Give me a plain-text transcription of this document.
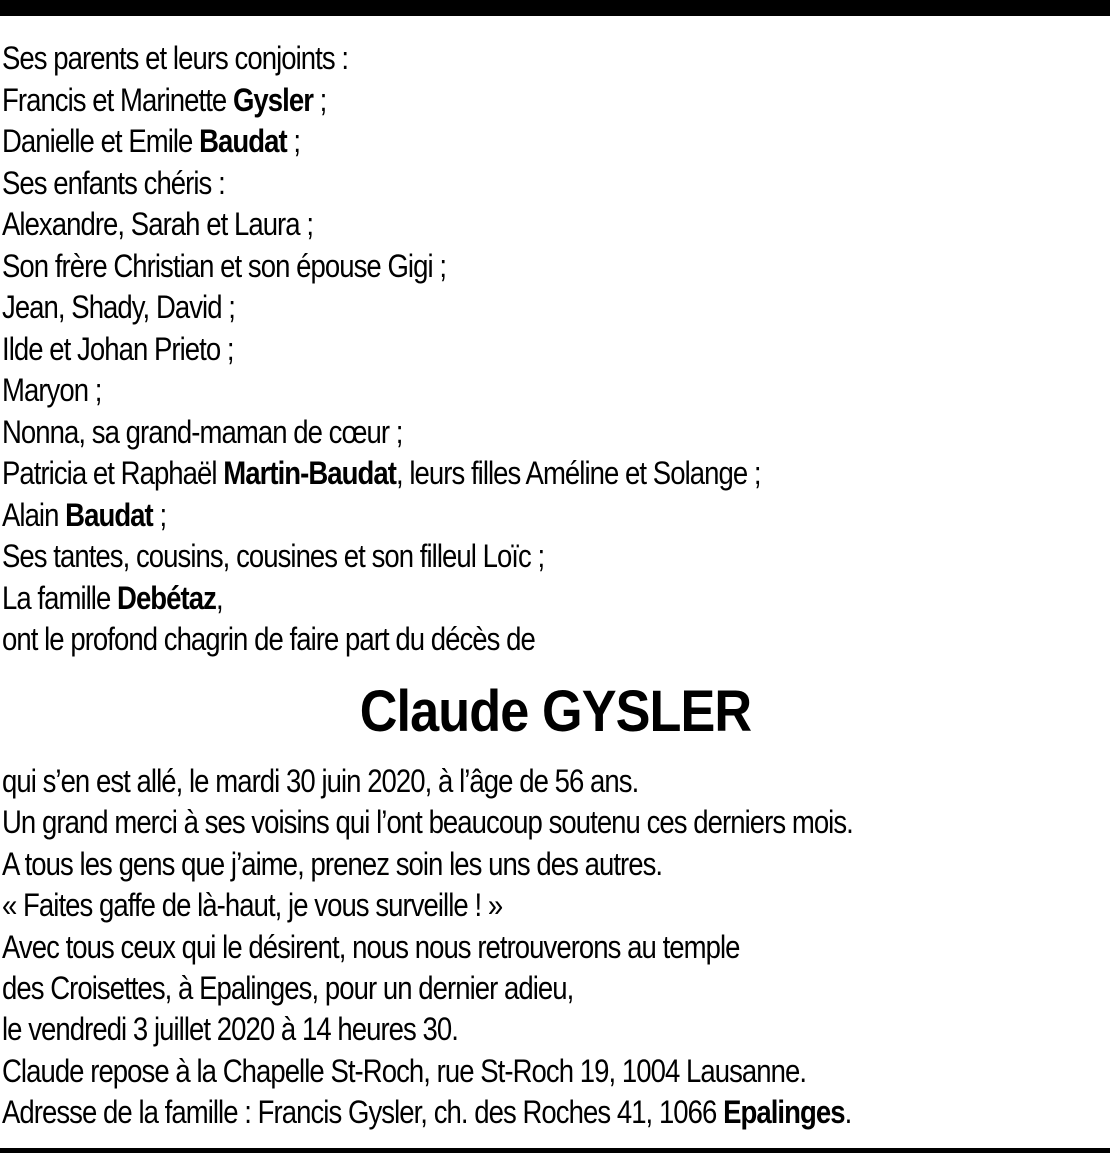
Ses parents et leurs conjoints :
Francis et Marinette Gysler ;
Danielle et Emile Baudat ;
Ses enfants chéris :
Alexandre, Sarah et Laura ;
Son frère Christian et son épouse Gigi ;
Jean, Shady, David ;
Ilde et Johan Prieto ;
Maryon ;
Nonna, sa grand-maman de cœur ;
Patricia et Raphaël Martin-Baudat, leurs filles Améline et Solange ;
Alain Baudat ;
Ses tantes, cousins, cousines et son filleul Loïc ;
La famille Debétaz,
ont le profond chagrin de faire part du décès de
Claude GYSLER
qui s’en est allé, le mardi 30 juin 2020, à l’âge de 56 ans.
Un grand merci à ses voisins qui l’ont beaucoup soutenu ces derniers mois.
A tous les gens que j’aime, prenez soin les uns des autres.
« Faites gaffe de là-haut, je vous surveille ! »
Avec tous ceux qui le désirent, nous nous retrouverons au temple
des Croisettes, à Epalinges, pour un dernier adieu,
le vendredi 3 juillet 2020 à 14 heures 30.
Claude repose à la Chapelle St-Roch, rue St-Roch 19, 1004 Lausanne.
Adresse de la famille : Francis Gysler, ch. des Roches 41, 1066 Epalinges.
